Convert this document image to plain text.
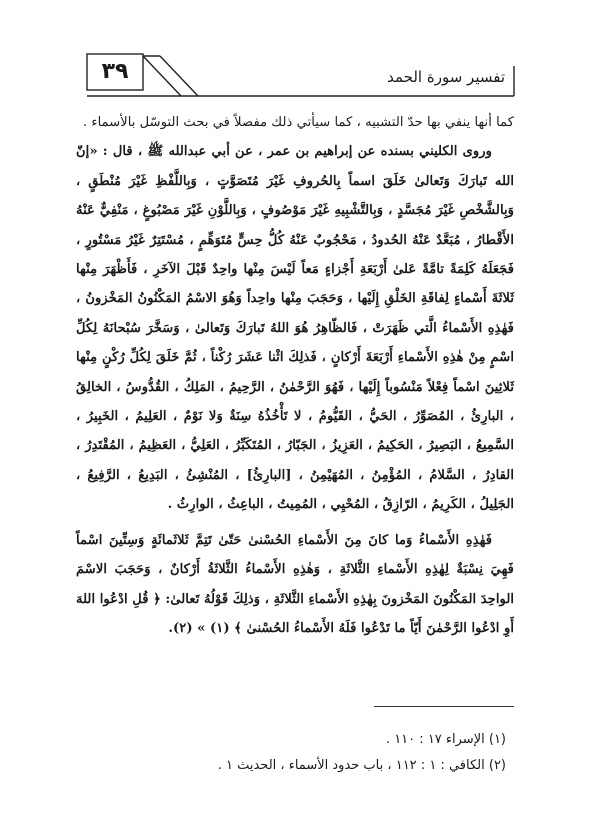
٣٩	تفسير سورة الحمد

كما أنها ينفي بها حدّ التشبيه ، كما سيأتي ذلك مفصلاً في بحث التوسّل بالأسماء .

وروى الكليني بسنده عن إبراهيم بن عمر ، عن أبي عبدالله ﷺ ، قال : «إنّ الله تَبارَكَ وَتَعالىٰ خَلَقَ اسماً بِالحُروفِ غَيْرَ مُتَصَوَّتٍ ، وَبِاللَّفْظِ غَيْرَ مُنْطَقٍ ، وَبِالشَّخْصِ غَيْرَ مُجَسَّدٍ ، وَبِالتَّشْبِيهِ غَيْرَ مَوْصُوفٍ ، وَبِاللَّوْنِ غَيْرَ مَصْبُوغٍ ، مَنْفِيٌّ عَنْهُ الأَقْطارُ ، مُبَعَّدٌ عَنْهُ الحُدودُ ، مَحْجُوبٌ عَنْهُ كُلُّ حِسٍّ مُتَوَهِّمٍ ، مُسْتَتِرٌ غَيْرُ مَسْتُورٍ ، فَجَعَلَهُ كَلِمَةً تامَّةً عَلىٰ أَرْبَعَةِ أَجْزاءٍ مَعاً لَيْسَ مِنْها واحِدٌ قَبْلَ الآخَرِ ، فَأَظْهَرَ مِنْها ثَلاثَةَ أَسْماءٍ لِفاقَةِ الخَلْقِ إِلَيْها ، وَحَجَبَ مِنْها واحِداً وَهُوَ الاسْمُ المَكْنُونُ المَخْزونُ ، فَهٰذِهِ الأَسْماءُ الَّتي ظَهَرَتْ ، فَالظّاهِرُ هُوَ اللهُ تَبارَكَ وَتَعالىٰ ، وَسَخَّرَ سُبْحانَهُ لِكُلِّ اسْمٍ مِنْ هٰذِهِ الأَسْماءِ أَرْبَعَةَ أَرْكانٍ ، فَذلِكَ اثْنا عَشَرَ رُكْناً ، ثُمَّ خَلَقَ لِكُلِّ رُكْنٍ مِنْها ثَلاثِينَ اسْماً فِعْلاً مَنْسُوباً إِلَيْها ، فَهُوَ الرَّحْمٰنُ ، الرَّحِيمُ ، المَلِكُ ، القُدُّوسُ ، الخالِقُ ، البارِئُ ، المُصَوِّرُ ، الحَيُّ ، القَيُّومُ ، لا تَأْخُذُهُ سِنَةٌ وَلا نَوْمٌ ، العَلِيمُ ، الخَبِيرُ ، السَّمِيعُ ، البَصِيرُ ، الحَكِيمُ ، العَزِيزُ ، الجَبّارُ ، المُتَكَبِّرُ ، العَلِيُّ ، العَظِيمُ ، المُقْتَدِرُ ، القادِرُ ، السَّلامُ ، المُؤْمِنُ ، المُهَيْمِنُ ، [البارِئُ] ، المُنْشِئُ ، البَدِيعُ ، الرَّفِيعُ ، الجَلِيلُ ، الكَرِيمُ ، الرّازِقُ ، المُحْيِي ، المُمِيتُ ، الباعِثُ ، الوارِثُ .

فَهٰذِهِ الأَسْماءُ وَما كانَ مِنَ الأَسْماءِ الحُسْنىٰ حَتّىٰ تَتِمَّ ثَلاثَمائَةٍ وَسِتِّينَ اسْماً فَهِيَ نِسْبَةٌ لِهٰذِهِ الأَسْماءِ الثَّلاثَةِ ، وَهٰذِهِ الأَسْماءُ الثَّلاثَةُ أَرْكانٌ ، وَحَجَبَ الاسْمَ الواحِدَ المَكْنُونَ المَخْزونَ بِهٰذِهِ الأَسْماءِ الثَّلاثَةِ ، وَذلِكَ قَوْلُهُ تَعالىٰ: ﴿ قُلِ ادْعُوا اللهَ أَوِ ادْعُوا الرَّحْمٰنَ أَيّاً ما تَدْعُوا فَلَهُ الأَسْماءُ الحُسْنىٰ ﴾ (١) » (٢).

(١) الإسراء ١٧ : ١١٠ .
(٢) الكافي : ١ : ١١٢ ، باب حدود الأسماء ، الحديث ١ .
